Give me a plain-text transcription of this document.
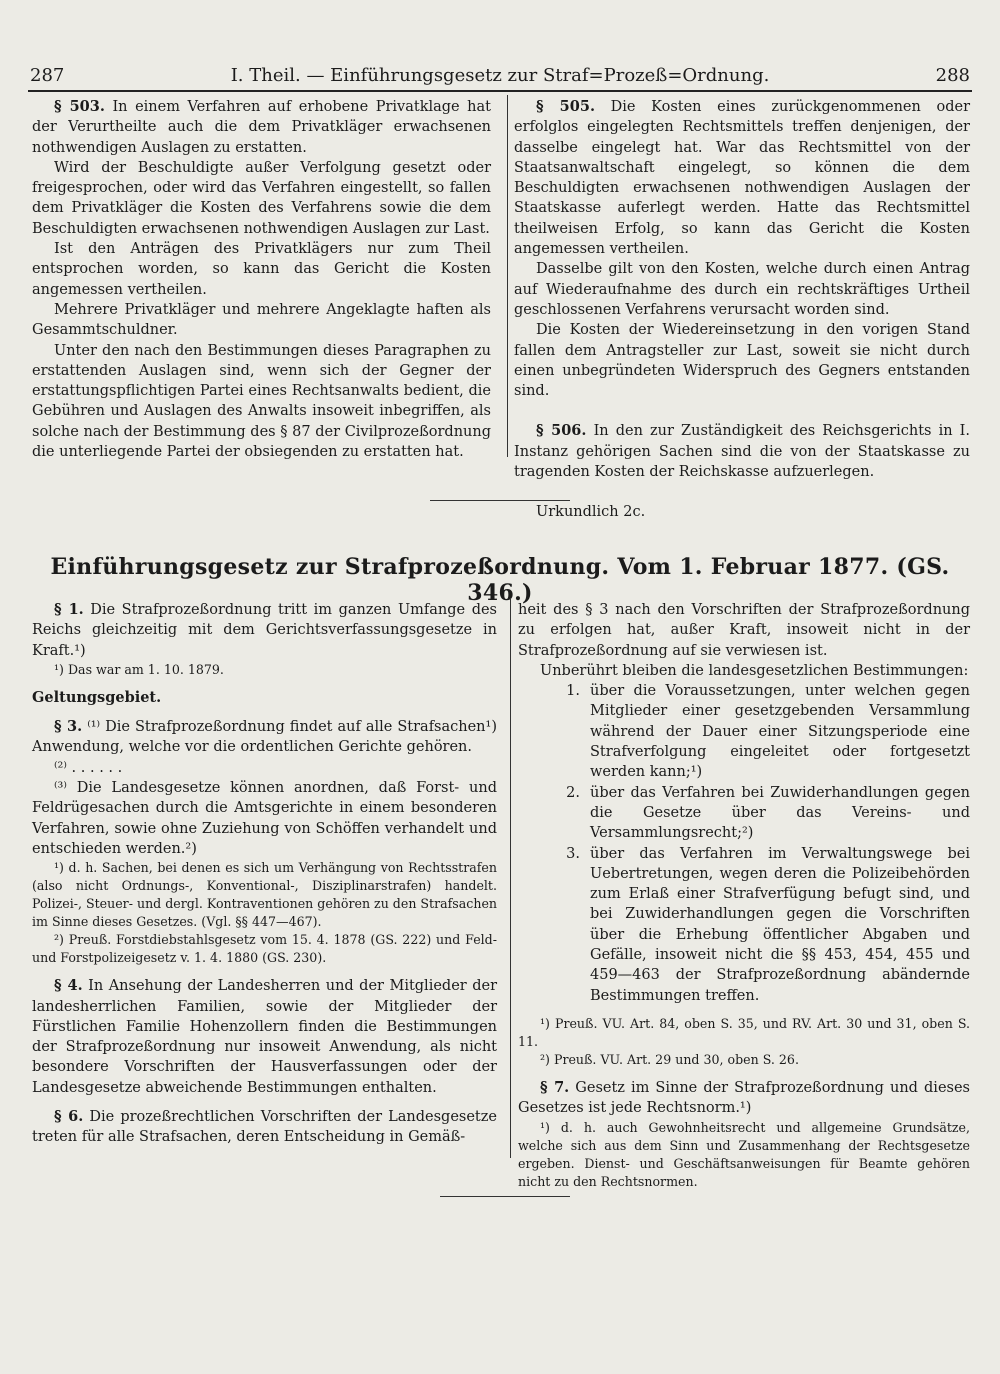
287	I. Theil. — Einführungsgesetz zur Straf=Prozeß=Ordnung.	288

§ 503. In einem Verfahren auf erhobene Privatklage hat der Verurtheilte auch die dem Privatkläger erwachsenen nothwendigen Auslagen zu erstatten.

Wird der Beschuldigte außer Verfolgung gesetzt oder freigesprochen, oder wird das Verfahren eingestellt, so fallen dem Privatkläger die Kosten des Verfahrens sowie die dem Beschuldigten erwachsenen nothwendigen Auslagen zur Last.

Ist den Anträgen des Privatklägers nur zum Theil entsprochen worden, so kann das Gericht die Kosten angemessen vertheilen.

Mehrere Privatkläger und mehrere Angeklagte haften als Gesammtschuldner.

Unter den nach den Bestimmungen dieses Paragraphen zu erstattenden Auslagen sind, wenn sich der Gegner der erstattungspflichtigen Partei eines Rechtsanwalts bedient, die Gebühren und Auslagen des Anwalts insoweit inbegriffen, als solche nach der Bestimmung des § 87 der Civilprozeßordnung die unterliegende Partei der obsiegenden zu erstatten hat.

§ 505. Die Kosten eines zurückgenommenen oder erfolglos eingelegten Rechtsmittels treffen denjenigen, der dasselbe eingelegt hat. War das Rechtsmittel von der Staatsanwaltschaft eingelegt, so können die dem Beschuldigten erwachsenen nothwendigen Auslagen der Staatskasse auferlegt werden. Hatte das Rechtsmittel theilweisen Erfolg, so kann das Gericht die Kosten angemessen vertheilen.

Dasselbe gilt von den Kosten, welche durch einen Antrag auf Wiederaufnahme des durch ein rechtskräftiges Urtheil geschlossenen Verfahrens verursacht worden sind.

Die Kosten der Wiedereinsetzung in den vorigen Stand fallen dem Antragsteller zur Last, soweit sie nicht durch einen unbegründeten Widerspruch des Gegners entstanden sind.

§ 506. In den zur Zuständigkeit des Reichsgerichts in I. Instanz gehörigen Sachen sind die von der Staatskasse zu tragenden Kosten der Reichskasse aufzuerlegen.

Urkundlich 2c.

Einführungsgesetz zur Strafprozeßordnung. Vom 1. Februar 1877. (GS. 346.)

§ 1. Die Strafprozeßordnung tritt im ganzen Umfange des Reichs gleichzeitig mit dem Gerichtsverfassungsgesetze in Kraft.¹)

¹) Das war am 1. 10. 1879.

Geltungsgebiet.

§ 3. ⁽¹⁾ Die Strafprozeßordnung findet auf alle Strafsachen¹) Anwendung, welche vor die ordentlichen Gerichte gehören.

⁽²⁾ . . . . . .

⁽³⁾ Die Landesgesetze können anordnen, daß Forst- und Feldrügesachen durch die Amtsgerichte in einem besonderen Verfahren, sowie ohne Zuziehung von Schöffen verhandelt und entschieden werden.²)

¹) d. h. Sachen, bei denen es sich um Verhängung von Rechtsstrafen (also nicht Ordnungs-, Konventional-, Disziplinarstrafen) handelt. Polizei-, Steuer- und dergl. Kontraventionen gehören zu den Strafsachen im Sinne dieses Gesetzes. (Vgl. §§ 447—467).

²) Preuß. Forstdiebstahlsgesetz vom 15. 4. 1878 (GS. 222) und Feld- und Forstpolizeigesetz v. 1. 4. 1880 (GS. 230).

§ 4. In Ansehung der Landesherren und der Mitglieder der landesherrlichen Familien, sowie der Mitglieder der Fürstlichen Familie Hohenzollern finden die Bestimmungen der Strafprozeßordnung nur insoweit Anwendung, als nicht besondere Vorschriften der Hausverfassungen oder der Landesgesetze abweichende Bestimmungen enthalten.

§ 6. Die prozeßrechtlichen Vorschriften der Landesgesetze treten für alle Strafsachen, deren Entscheidung in Gemäß-

heit des § 3 nach den Vorschriften der Strafprozeßordnung zu erfolgen hat, außer Kraft, insoweit nicht in der Strafprozeßordnung auf sie verwiesen ist.

Unberührt bleiben die landesgesetzlichen Bestimmungen:

1. über die Voraussetzungen, unter welchen gegen Mitglieder einer gesetzgebenden Versammlung während der Dauer einer Sitzungsperiode eine Strafverfolgung eingeleitet oder fortgesetzt werden kann;¹)
2. über das Verfahren bei Zuwiderhandlungen gegen die Gesetze über das Vereins- und Versammlungsrecht;²)
3. über das Verfahren im Verwaltungswege bei Uebertretungen, wegen deren die Polizeibehörden zum Erlaß einer Strafverfügung befugt sind, und bei Zuwiderhandlungen gegen die Vorschriften über die Erhebung öffentlicher Abgaben und Gefälle, insoweit nicht die §§ 453, 454, 455 und 459—463 der Strafprozeßordnung abändernde Bestimmungen treffen.

¹) Preuß. VU. Art. 84, oben S. 35, und RV. Art. 30 und 31, oben S. 11.

²) Preuß. VU. Art. 29 und 30, oben S. 26.

§ 7. Gesetz im Sinne der Strafprozeßordnung und dieses Gesetzes ist jede Rechtsnorm.¹)

¹) d. h. auch Gewohnheitsrecht und allgemeine Grundsätze, welche sich aus dem Sinn und Zusammenhang der Rechtsgesetze ergeben. Dienst- und Geschäftsanweisungen für Beamte gehören nicht zu den Rechtsnormen.
